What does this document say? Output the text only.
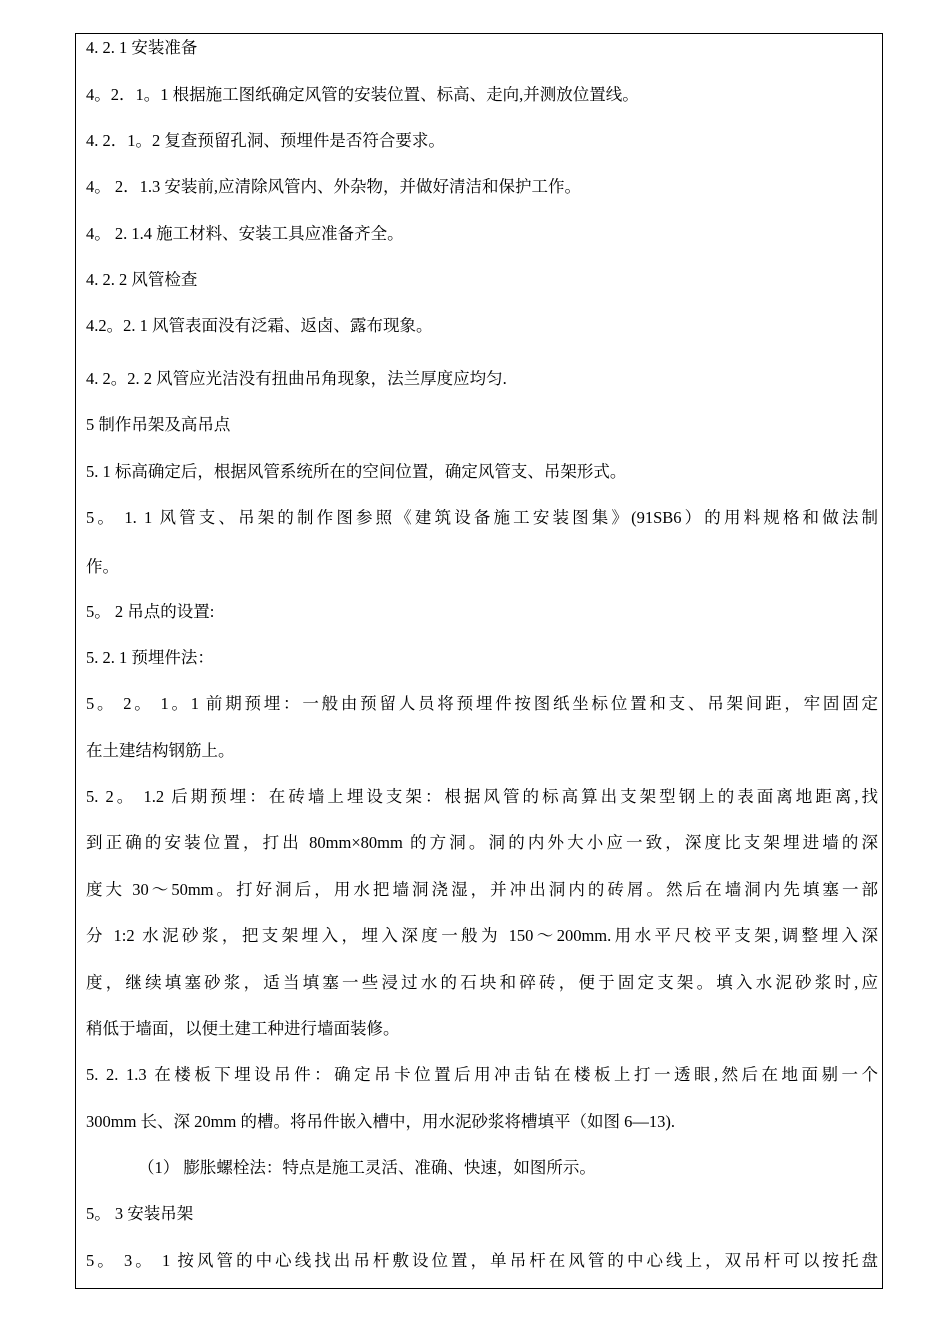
4. 2. 1 安装准备
4。2．1。1 根据施工图纸确定风管的安装位置、标高、走向,并测放位置线。
4. 2．1。2 复查预留孔洞、预埋件是否符合要求。
4。 2．1.3 安装前,应清除风管内、外杂物，并做好清洁和保护工作。
4。 2. 1.4 施工材料、安装工具应准备齐全。
4. 2. 2 风管检查
4.2。2. 1 风管表面没有泛霜、返卤、露布现象。
4. 2。2. 2 风管应光洁没有扭曲吊角现象，法兰厚度应均匀.
5 制作吊架及高吊点
5. 1 标高确定后，根据风管系统所在的空间位置，确定风管支、吊架形式。
5。 1. 1 风管支、吊架的制作图参照《建筑设备施工安装图集》(91SB6）的用料规格和做法制
作。
5。 2 吊点的设置:
5. 2. 1 预埋件法：
5。 2。 1。1 前期预埋：一般由预留人员将预埋件按图纸坐标位置和支、吊架间距，牢固固定
在土建结构钢筋上。
5. 2。 1.2 后期预埋：在砖墙上埋设支架：根据风管的标高算出支架型钢上的表面离地距离,找
到正确的安装位置，打出 80mm×80mm 的方洞。洞的内外大小应一致，深度比支架埋进墙的深
度大 30～50mm。打好洞后，用水把墙洞浇湿，并冲出洞内的砖屑。然后在墙洞内先填塞一部
分 1:2 水泥砂浆，把支架埋入，埋入深度一般为 150～200mm.用水平尺校平支架,调整埋入深
度，继续填塞砂浆，适当填塞一些浸过水的石块和碎砖，便于固定支架。填入水泥砂浆时,应
稍低于墙面，以便土建工种进行墙面装修。
5. 2. 1.3 在楼板下埋设吊件：确定吊卡位置后用冲击钻在楼板上打一透眼,然后在地面剔一个
300mm 长、深 20mm 的槽。将吊件嵌入槽中，用水泥砂浆将槽填平（如图 6—13).
（1） 膨胀螺栓法：特点是施工灵活、准确、快速，如图所示。
5。 3 安装吊架
5。 3。 1 按风管的中心线找出吊杆敷设位置，单吊杆在风管的中心线上，双吊杆可以按托盘
